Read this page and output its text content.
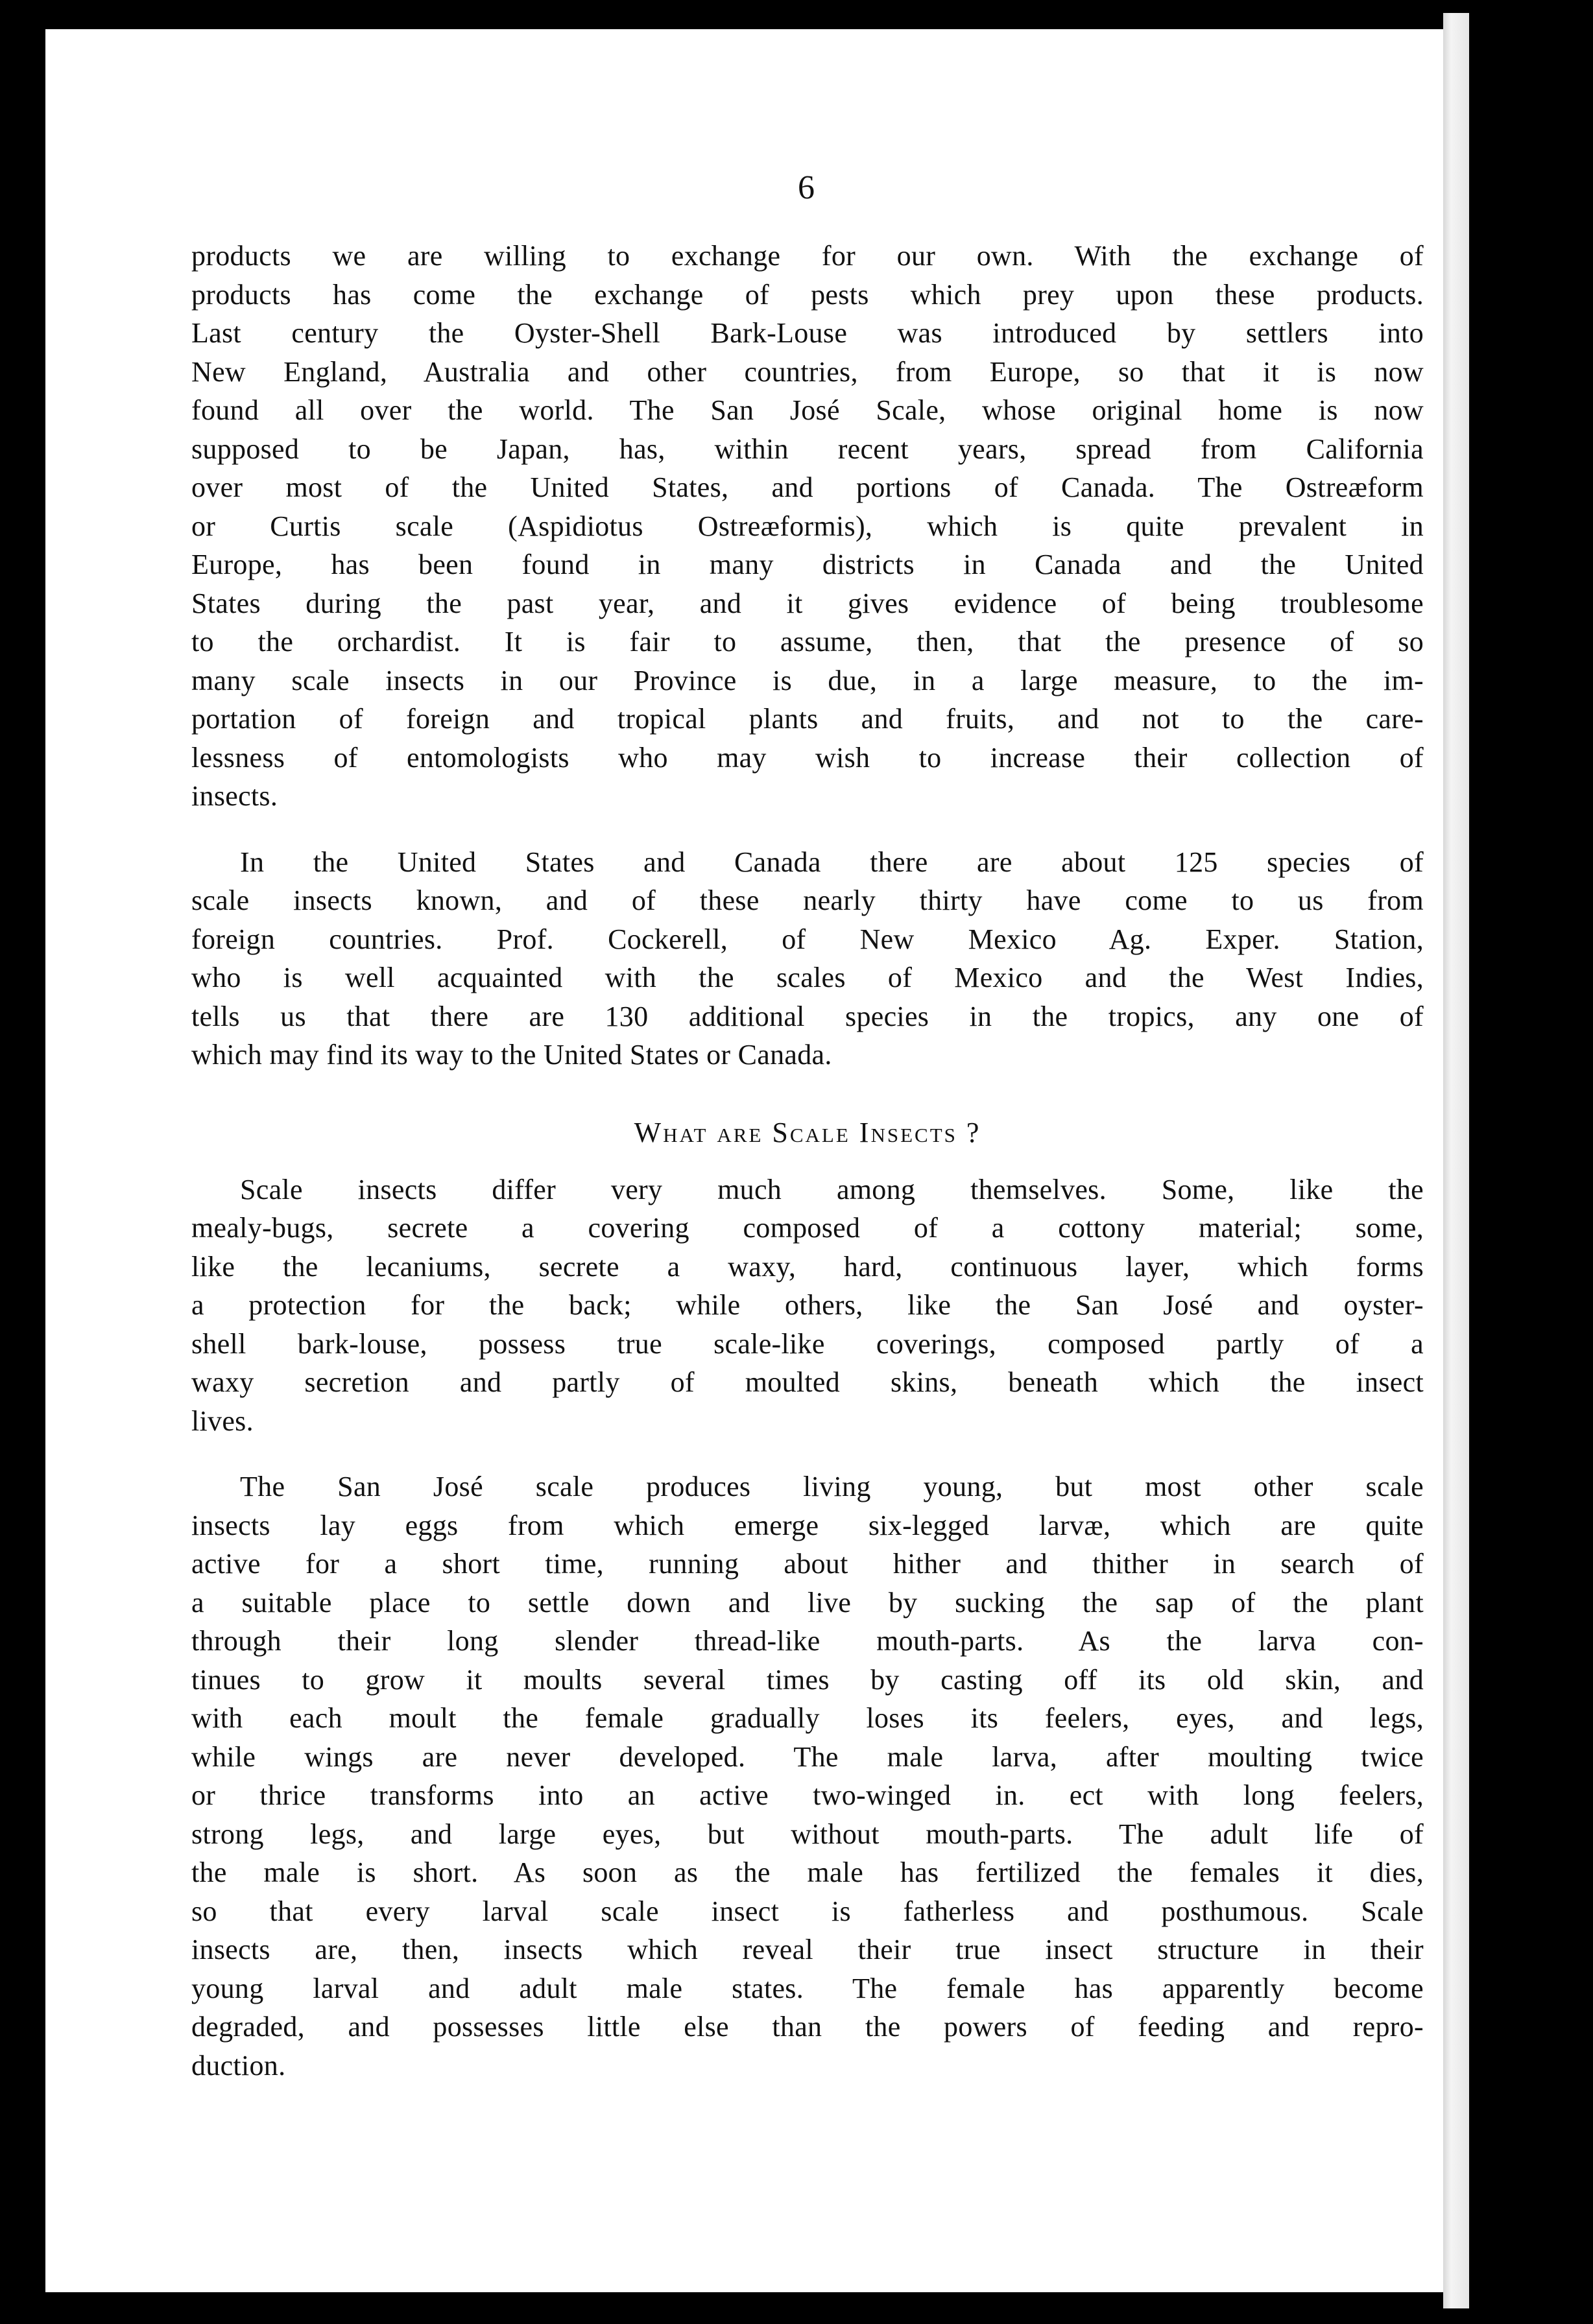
6
products we are willing to exchange for our own. With the exchange of
products has come the exchange of pests which prey upon these products.
Last century the Oyster-Shell Bark-Louse was introduced by settlers into
New England, Australia and other countries, from Europe, so that it is now
found all over the world. The San José Scale, whose original home is now
supposed to be Japan, has, within recent years, spread from California
over most of the United States, and portions of Canada. The Ostreæform
or Curtis scale (Aspidiotus Ostreæformis), which is quite prevalent in
Europe, has been found in many districts in Canada and the United
States during the past year, and it gives evidence of being troublesome
to the orchardist. It is fair to assume, then, that the presence of so
many scale insects in our Province is due, in a large measure, to the im-
portation of foreign and tropical plants and fruits, and not to the care-
lessness of entomologists who may wish to increase their collection of
insects.
In the United States and Canada there are about 125 species of
scale insects known, and of these nearly thirty have come to us from
foreign countries. Prof. Cockerell, of New Mexico Ag. Exper. Station,
who is well acquainted with the scales of Mexico and the West Indies,
tells us that there are 130 additional species in the tropics, any one of
which may find its way to the United States or Canada.
What are Scale Insects ?
Scale insects differ very much among themselves. Some, like the
mealy-bugs, secrete a covering composed of a cottony material; some,
like the lecaniums, secrete a waxy, hard, continuous layer, which forms
a protection for the back; while others, like the San José and oyster-
shell bark-louse, possess true scale-like coverings, composed partly of a
waxy secretion and partly of moulted skins, beneath which the insect
lives.
The San José scale produces living young, but most other scale
insects lay eggs from which emerge six-legged larvæ, which are quite
active for a short time, running about hither and thither in search of
a suitable place to settle down and live by sucking the sap of the plant
through their long slender thread-like mouth-parts. As the larva con-
tinues to grow it moults several times by casting off its old skin, and
with each moult the female gradually loses its feelers, eyes, and legs,
while wings are never developed. The male larva, after moulting twice
or thrice transforms into an active two-winged in. ect with long feelers,
strong legs, and large eyes, but without mouth-parts. The adult life of
the male is short. As soon as the male has fertilized the females it dies,
so that every larval scale insect is fatherless and posthumous. Scale
insects are, then, insects which reveal their true insect structure in their
young larval and adult male states. The female has apparently become
degraded, and possesses little else than the powers of feeding and repro-
duction.
